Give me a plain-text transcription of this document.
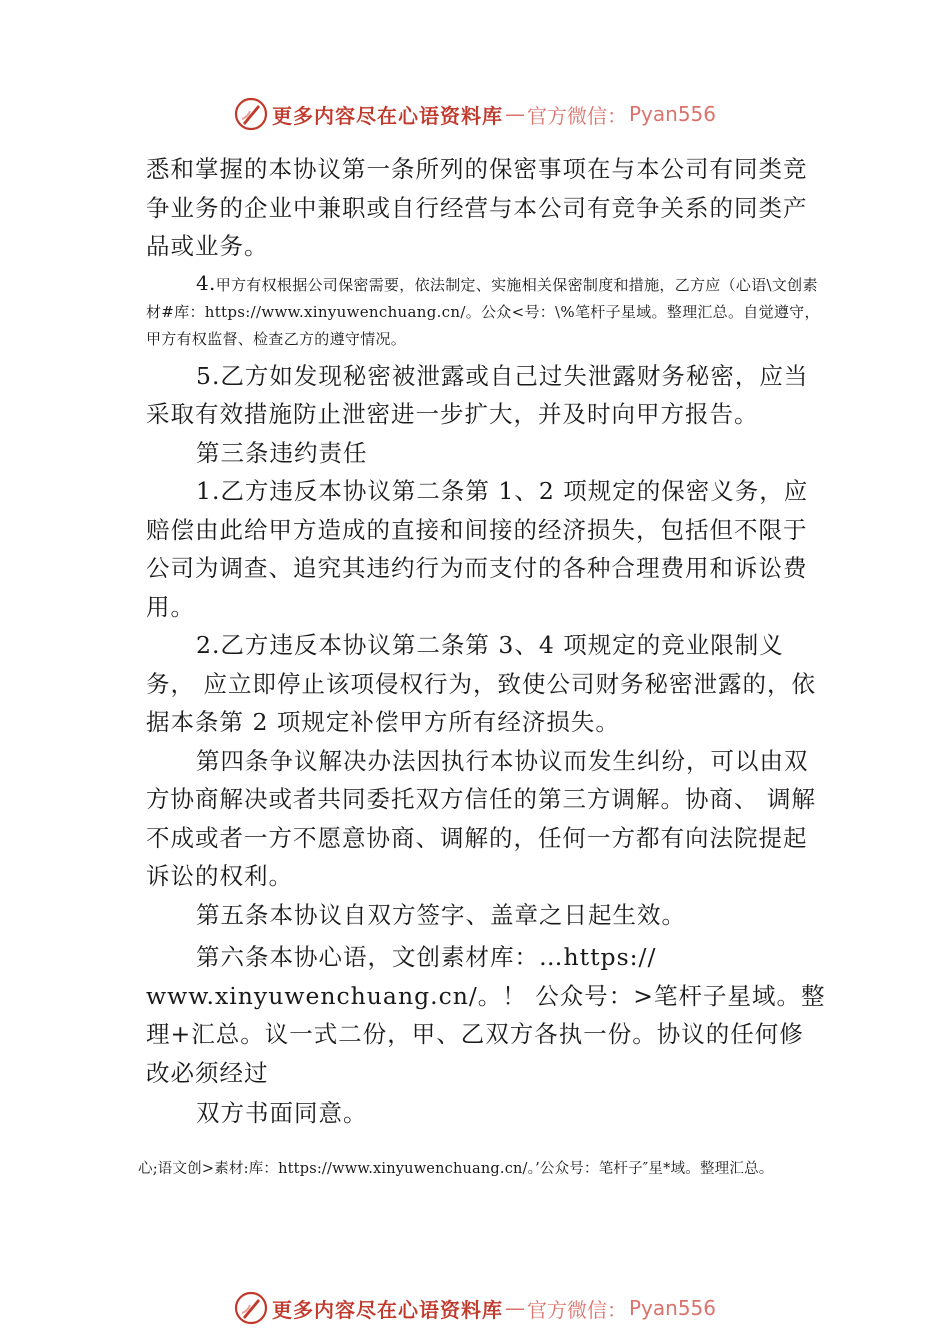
更多内容尽在心语资料库 — 官方微信： Pyan556

悉和掌握的本协议第一条所列的保密事项在与本公司有同类竞争业务的企业中兼职或自行经营与本公司有竞争关系的同类产品或业务。

4.甲方有权根据公司保密需要，依法制定、实施相关保密制度和措施，乙方应（心语\文创素材#库：https://www.xinyuwenchuang.cn/。公众<号：\%笔杆子星域。整理汇总。自觉遵守，甲方有权监督、检查乙方的遵守情况。

5.乙方如发现秘密被泄露或自己过失泄露财务秘密，应当采取有效措施防止泄密进一步扩大，并及时向甲方报告。

第三条违约责任

1.乙方违反本协议第二条第 1、2 项规定的保密义务，应赔偿由此给甲方造成的直接和间接的经济损失，包括但不限于公司为调查、追究其违约行为而支付的各种合理费用和诉讼费用。

2.乙方违反本协议第二条第 3、4 项规定的竞业限制义务， 应立即停止该项侵权行为，致使公司财务秘密泄露的，依据本条第 2 项规定补偿甲方所有经济损失。

第四条争议解决办法因执行本协议而发生纠纷，可以由双方协商解决或者共同委托双方信任的第三方调解。协商、 调解不成或者一方不愿意协商、调解的，任何一方都有向法院提起诉讼的权利。

第五条本协议自双方签字、盖章之日起生效。

第六条本协心语，文创素材库：…https://

www.xinyuwenchuang.cn/。！ 公众号：>笔杆子星域。整理+汇总。议一式二份，甲、乙双方各执一份。协议的任何修改必须经过

双方书面同意。

心;语文创>素材:库：https://www.xinyuwenchuang.cn/。’公众号：笔杆子″星*域。整理汇总。

更多内容尽在心语资料库 — 官方微信： Pyan556
